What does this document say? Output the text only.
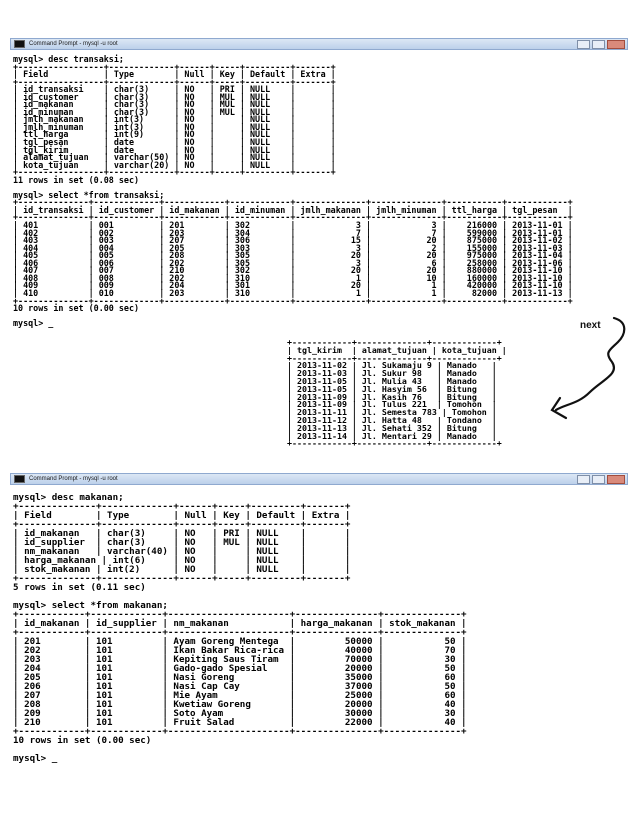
Command Prompt - mysql -u root
mysql> desc transaksi;
+-----------------+-------------+------+-----+---------+-------+
| Field           | Type        | Null | Key | Default | Extra |
+-----------------+-------------+------+-----+---------+-------+
| id_transaksi    | char(3)     | NO   | PRI | NULL    |       |
| id_customer     | char(3)     | NO   | MUL | NULL    |       |
| id_makanan      | char(3)     | NO   | MUL | NULL    |       |
| id_minuman      | char(3)     | NO   | MUL | NULL    |       |
| jmlh_makanan    | int(3)      | NO   |     | NULL    |       |
| jmlh_minuman    | int(3)      | NO   |     | NULL    |       |
| ttl_harga       | int(9)      | NO   |     | NULL    |       |
| tgl_pesan       | date        | NO   |     | NULL    |       |
| tgl_kirim       | date        | NO   |     | NULL    |       |
| alamat_tujuan   | varchar(50) | NO   |     | NULL    |       |
| kota_tujuan     | varchar(20) | NO   |     | NULL    |       |
+-----------------+-------------+------+-----+---------+-------+
11 rows in set (0.08 sec)
mysql> select *from transaksi;
+--------------+-------------+------------+------------+--------------+--------------+-----------+------------+
| id_transaksi | id_customer | id_makanan | id_minuman | jmlh_makanan | jmlh_minuman | ttl_harga | tgl_pesan  |
+--------------+-------------+------------+------------+--------------+--------------+-----------+------------+
| 401          | 001         | 201        | 302        |            3 |            3 |    216000 | 2013-11-01 |
| 402          | 002         | 203        | 304        |            7 |            7 |    599000 | 2013-11-01 |
| 403          | 003         | 207        | 306        |           15 |           20 |    875000 | 2013-11-02 |
| 404          | 004         | 205        | 303        |            3 |            2 |    155000 | 2013-11-03 |
| 405          | 005         | 208        | 305        |           20 |           20 |    975000 | 2013-11-04 |
| 406          | 006         | 202        | 305        |            3 |            6 |    258000 | 2013-11-06 |
| 407          | 007         | 210        | 302        |           20 |           20 |    880000 | 2013-11-10 |
| 408          | 008         | 202        | 310        |            1 |           10 |    160000 | 2013-11-10 |
| 409          | 009         | 204        | 301        |           20 |            1 |    420000 | 2013-11-10 |
| 410          | 010         | 203        | 310        |            1 |            1 |     82000 | 2013-11-13 |
+--------------+-------------+------------+------------+--------------+--------------+-----------+------------+
10 rows in set (0.00 sec)
mysql> _	next
+------------+--------------+-------------+
| tgl_kirim  | alamat_tujuan | kota_tujuan |
+------------+--------------+-------------+
| 2013-11-02 | Jl. Sukamaju 9 | Manado   |
| 2013-11-03 | Jl. Sukur 98   | Manado   |
| 2013-11-05 | Jl. Mulia 43   | Manado   |
| 2013-11-05 | Jl. Hasyim 56  | Bitung   |
| 2013-11-09 | Jl. Kasih 76   | Bitung   |
| 2013-11-09 | Jl. Tulus 221  | Tomohon  |
| 2013-11-11 | Jl. Semesta 783 | Tomohon |
| 2013-11-12 | Jl. Hatta 48   | Tondano  |
| 2013-11-13 | Jl. Sehati 352 | Bitung   |
| 2013-11-14 | Jl. Mentari 29 | Manado   |
+------------+--------------+-------------+
Command Prompt - mysql -u root
mysql> desc makanan;
+--------------+-------------+------+-----+---------+-------+
| Field        | Type        | Null | Key | Default | Extra |
+--------------+-------------+------+-----+---------+-------+
| id_makanan   | char(3)     | NO   | PRI | NULL    |       |
| id_supplier  | char(3)     | NO   | MUL | NULL    |       |
| nm_makanan   | varchar(40) | NO   |     | NULL    |       |
| harga_makanan | int(6)     | NO   |     | NULL    |       |
| stok_makanan | int(2)      | NO   |     | NULL    |       |
+--------------+-------------+------+-----+---------+-------+
5 rows in set (0.11 sec)
mysql> select *from makanan;
+------------+-------------+----------------------+---------------+--------------+
| id_makanan | id_supplier | nm_makanan           | harga_makanan | stok_makanan |
+------------+-------------+----------------------+---------------+--------------+
| 201        | 101         | Ayam Goreng Mentega  |         50000 |           50 |
| 202        | 101         | Ikan Bakar Rica-rica |         40000 |           70 |
| 203        | 101         | Kepiting Saus Tiram  |         70000 |           30 |
| 204        | 101         | Gado-gado Spesial    |         20000 |           50 |
| 205        | 101         | Nasi Goreng          |         35000 |           60 |
| 206        | 101         | Nasi Cap Cay         |         37000 |           50 |
| 207        | 101         | Mie Ayam             |         25000 |           60 |
| 208        | 101         | Kwetiaw Goreng       |         20000 |           40 |
| 209        | 101         | Soto Ayam            |         30000 |           30 |
| 210        | 101         | Fruit Salad          |         22000 |           40 |
+------------+-------------+----------------------+---------------+--------------+
10 rows in set (0.00 sec)
mysql> _
